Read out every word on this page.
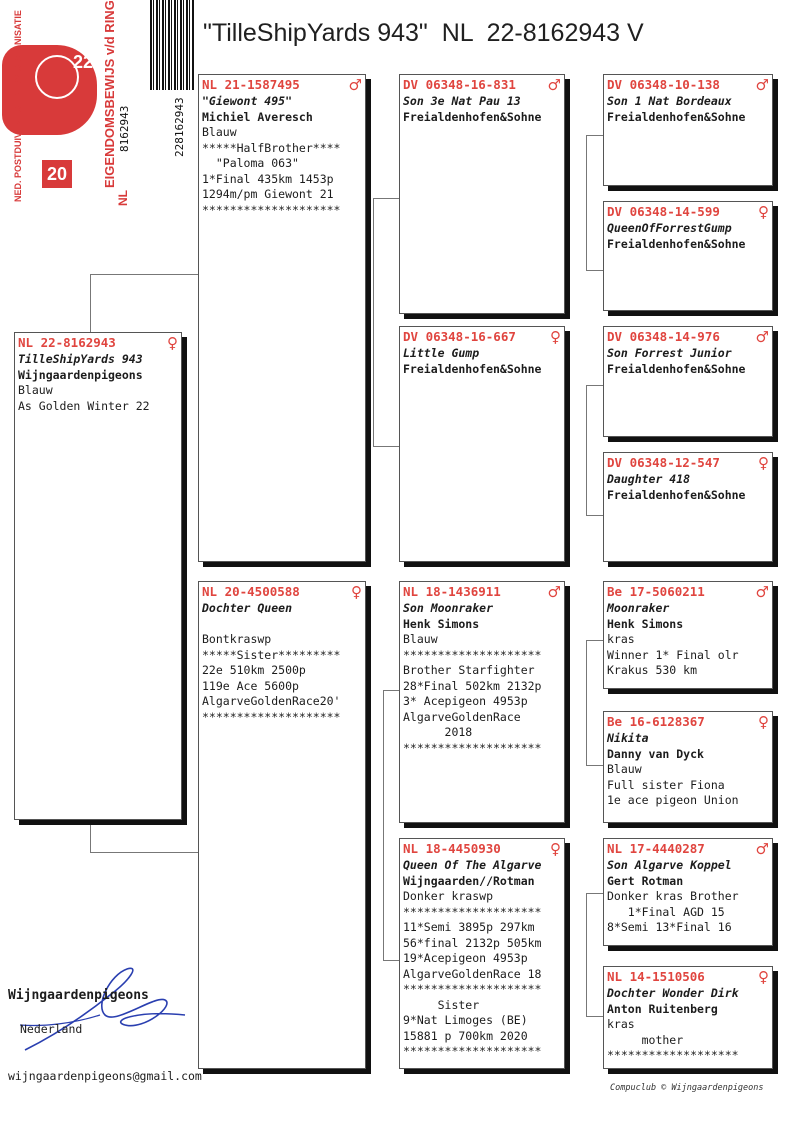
"TilleShipYards 943"  NL  22-8162943 V
NED. POSTDUIVENHOUDERS ORGANISATIE	EIGENDOMSBEWIJS v/d RING
20
22
NL
8162943	228162943
NL 22-8162943	♀
TilleShipYards 943
Wijngaardenpigeons
Blauw
As Golden Winter 22
NL 21-1587495	♂
"Giewont 495"
Michiel Averesch
Blauw
*****HalfBrother****
"Paloma 063"
1*Final 435km 1453p
1294m/pm Giewont 21
********************
NL 20-4500588	♀
Dochter Queen

Bontkraswp
*****Sister*********
22e 510km 2500p
119e Ace 5600p
AlgarveGoldenRace20'
********************
DV 06348-16-831 ♂
Son 3e Nat Pau 13
Freialdenhofen&Sohne
DV 06348-16-667 ♀
Little Gump
Freialdenhofen&Sohne
NL 18-1436911	♂
Son Moonraker
Henk Simons
Blauw
********************
Brother Starfighter
28*Final 502km 2132p
3* Acepigeon 4953p
AlgarveGoldenRace
2018
********************
NL 18-4450930	♀
Queen Of The Algarve
Wijngaarden//Rotman
Donker kraswp
********************
11*Semi 3895p 297km
56*final 2132p 505km
19*Acepigeon 4953p
AlgarveGoldenRace 18
********************
Sister
9*Nat Limoges (BE)
15881 p 700km 2020
********************
DV 06348-10-138 ♂
Son 1 Nat Bordeaux
Freialdenhofen&Sohne
DV 06348-14-599	♀
QueenOfForrestGump
Freialdenhofen&Sohne
DV 06348-14-976 ♂
Son Forrest Junior
Freialdenhofen&Sohne
DV 06348-12-547	♀
Daughter 418
Freialdenhofen&Sohne
Be 17-5060211	♂
Moonraker
Henk Simons
kras
Winner 1* Final olr
Krakus 530 km
Be 16-6128367	♀
Nikita
Danny van Dyck
Blauw
Full sister Fiona
1e ace pigeon Union
NL 17-4440287	♂
Son Algarve Koppel
Gert Rotman
Donker kras Brother
1*Final AGD 15
8*Semi 13*Final 16
NL 14-1510506	♀
Dochter Wonder Dirk
Anton Ruitenberg
kras
mother
*******************
Wijngaardenpigeons
Nederland
wijngaardenpigeons@gmail.com
Compuclub © Wijngaardenpigeons
